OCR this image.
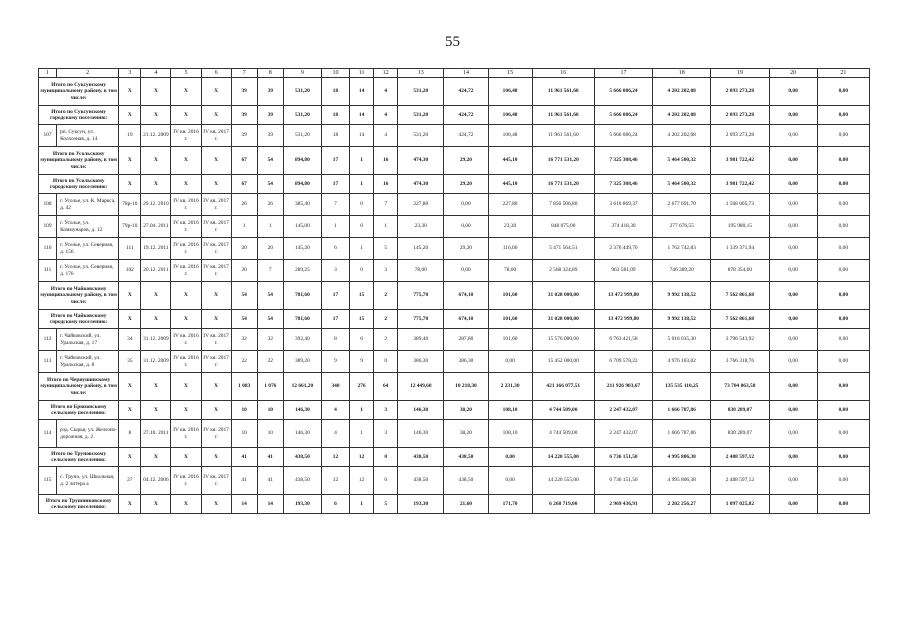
55
1	2	3	4	5	6	7	8	9	10	11	12	13	14	15	16	17	18	19	20	21
Итого по Суксунскому муниципальному району, в том числе:		X	X	X	X	39	39	531,20	18	14	4	531,20	424,72	106,48	11 961 561,60	5 666 086,24	4 202 202,08	2 093 273,28	0,00	0,00
Итого по Суксунскому городскому поселению:		X	X	X	X	39	39	531,20	18	14	4	531,20	424,72	106,48	11 961 561,60	5 666 086,24	4 202 202,08	2 093 273,28	0,00	0,00
107	рп. Суксун, ул. Колхозная, д. 14	19	21.12. 2009	IV кв. 2016 г.	IV кв. 2017 г.	39	39	531,20	18	14	4	531,20	424,72	106,48	11 961 561,60	5 666 086,24	4 202 202,08	2 093 273,28	0,00	0,00
Итого по Усольскому муниципальному району, в том числе:		X	X	X	X	67	54	894,80	17	1	16	474,30	29,20	445,10	16 771 531,20	7 325 308,46	5 464 500,32	3 981 722,42	0,00	0,00
Итого по Усольскому городскому поселению:		X	X	X	X	67	54	894,80	17	1	16	474,30	29,20	445,10	16 771 531,20	7 325 308,46	5 464 500,32	3 981 722,42	0,00	0,00
108	г. Усолье, ул. К. Маркса, д. 42	78р-10	29.12. 2010	IV кв. 2016 г.	IV кв. 2017 г.	26	26	385,40	7	0	7	227,80	0,00	227,80	7 856 506,80	3 610 869,37	2 677 691,70	1 568 005,73	0,00	0,00
109	г. Усолье, ул. Коммунаров, д. 12	79р-10	27.04. 2011	IV кв. 2016 г.	IV кв. 2017 г.	1	1	145,00	1	0	1	23,30	0,00	23,30	848 075,00	374 418,30	277 676,55	195 980,15	0,00	0,00
110	г. Усолье, ул. Северная, д. 156	111	19.12. 2011	IV кв. 2016 г.	IV кв. 2017 г.	20	20	145,20	6	1	5	145,20	29,20	116,00	5 471 564,51	2 376 449,70	1 762 742,83	1 339 371,94	0,00	0,00
111	г. Усолье, ул. Северная, д. 176	102	20.12. 2011	IV кв. 2016 г.	IV кв. 2017 г.	20	7	289,25	3	0	3	78,00	0,00	78,00	2 568 324,89	963 581,09	746 389,20	878 354,60	0,00	0,00
Итого по Чайковскому муниципальному району, в том числе:		X	X	X	X	54	54	781,60	17	15	2	775,70	674,10	101,60	31 028 000,00	13 472 999,80	9 992 138,52	7 562 861,68	0,00	0,00
Итого по Чайковскому городскому поселению:		X	X	X	X	54	54	781,60	17	15	2	775,70	674,10	101,60	31 028 000,00	13 472 999,80	9 992 138,52	7 562 861,68	0,00	0,00
112	г. Чайковский, ул. Уральская, д. 17	34	31.12. 2009	IV кв. 2016 г.	IV кв. 2017 г.	32	32	392,40	8	6	2	389,40	287,80	101,60	15 576 000,00	6 763 421,58	5 016 035,30	3 796 543,92	0,00	0,00
113	г. Чайковский, ул. Уральская, д. 8	35	31.12. 2009	IV кв. 2016 г.	IV кв. 2017 г.	22	22	389,20	9	9	0	386,30	386,30	0,00	15 452 000,00	6 709 578,22	4 976 103,02	3 766 318,76	0,00	0,00
Итого по Чернушинскому муниципальному району, в том числе:		X	X	X	X	1 083	1 076	12 661,20	340	276	64	12 449,60	10 218,30	2 231,30	421 166 077,51	211 926 903,67	135 535 110,25	73 704 063,58	0,00	0,00
Итого по Брюховскому сельскому поселению:		X	X	X	X	10	10	146,30	4	1	3	146,30	38,20	108,10	4 744 509,00	2 247 432,07	1 666 787,86	830 289,07	0,00	0,00
114	рзд. Сырья, ул. Железно-дорожная, д. 2	8	27.10. 2011	IV кв. 2016 г.	IV кв. 2017 г.	10	10	146,30	4	1	3	146,30	38,20	108,10	4 744 509,00	2 247 432,07	1 666 787,86	830 289,07	0,00	0,00
Итого по Труновскому сельскому поселению:		X	X	X	X	41	41	438,50	12	12	0	438,50	438,50	0,00	14 220 555,00	6 736 151,50	4 995 806,38	2 488 597,12	0,00	0,00
115	с. Труно, ул. Школьная, д. 2 литера а	27	04.12. 2006	IV кв. 2016 г.	IV кв. 2017 г.	41	41	438,50	12	12	0	438,50	438,50	0,00	14 220 555,00	6 736 151,50	4 995 806,38	2 488 597,12	0,00	0,00
Итого по Трушниковскому сельскому поселению:		X	X	X	X	14	14	193,30	6	1	5	193,30	21,60	171,70	6 268 719,00	2 969 436,91	2 202 256,27	1 097 025,82	0,00	0,00
